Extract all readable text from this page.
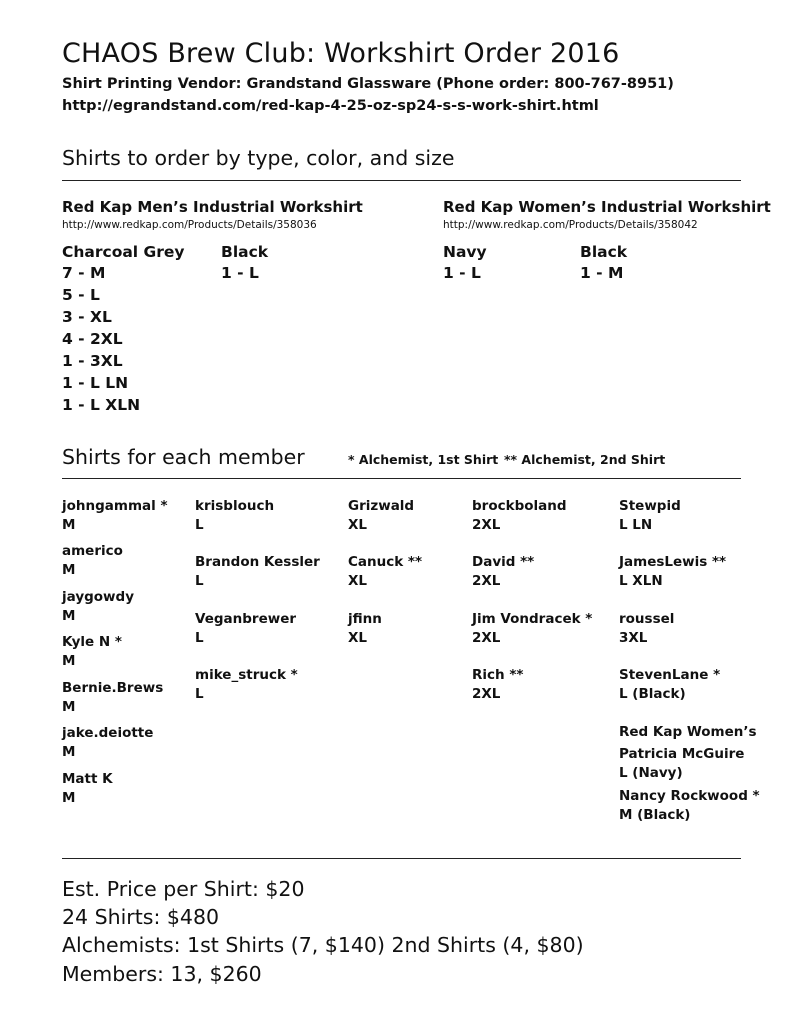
CHAOS Brew Club: Workshirt Order 2016
Shirt Printing Vendor: Grandstand Glassware (Phone order: 800-767-8951)
http://egrandstand.com/red-kap-4-25-oz-sp24-s-s-work-shirt.html
Shirts to order by type, color, and size
Red Kap Men’s Industrial Workshirt
http://www.redkap.com/Products/Details/358036
Red Kap Women’s Industrial Workshirt
http://www.redkap.com/Products/Details/358042
Charcoal Grey
7 - M
5 - L
3 - XL
4 - 2XL
1 - 3XL
1 - L LN
1 - L XLN
Black
1 - L
Navy
1 - L
Black
1 - M
Shirts for each member	* Alchemist, 1st Shirt ** Alchemist, 2nd Shirt
johngammal *
M
americo
M
jaygowdy
M
Kyle N *
M
Bernie.Brews
M
jake.deiotte
M
Matt K
M
krisblouch
L
Brandon Kessler
L
Veganbrewer
L
mike_struck *
L
Grizwald
XL
Canuck **
XL
jfinn
XL
brockboland
2XL
David **
2XL
Jim Vondracek *
2XL
Rich **
2XL
Stewpid
L LN
JamesLewis **
L XLN
roussel
3XL
StevenLane *
L (Black)
Red Kap Women’s
Patricia McGuire
L (Navy)
Nancy Rockwood *
M (Black)
Est. Price per Shirt: $20
24 Shirts: $480
Alchemists: 1st Shirts (7, $140) 2nd Shirts (4, $80)
Members: 13, $260
